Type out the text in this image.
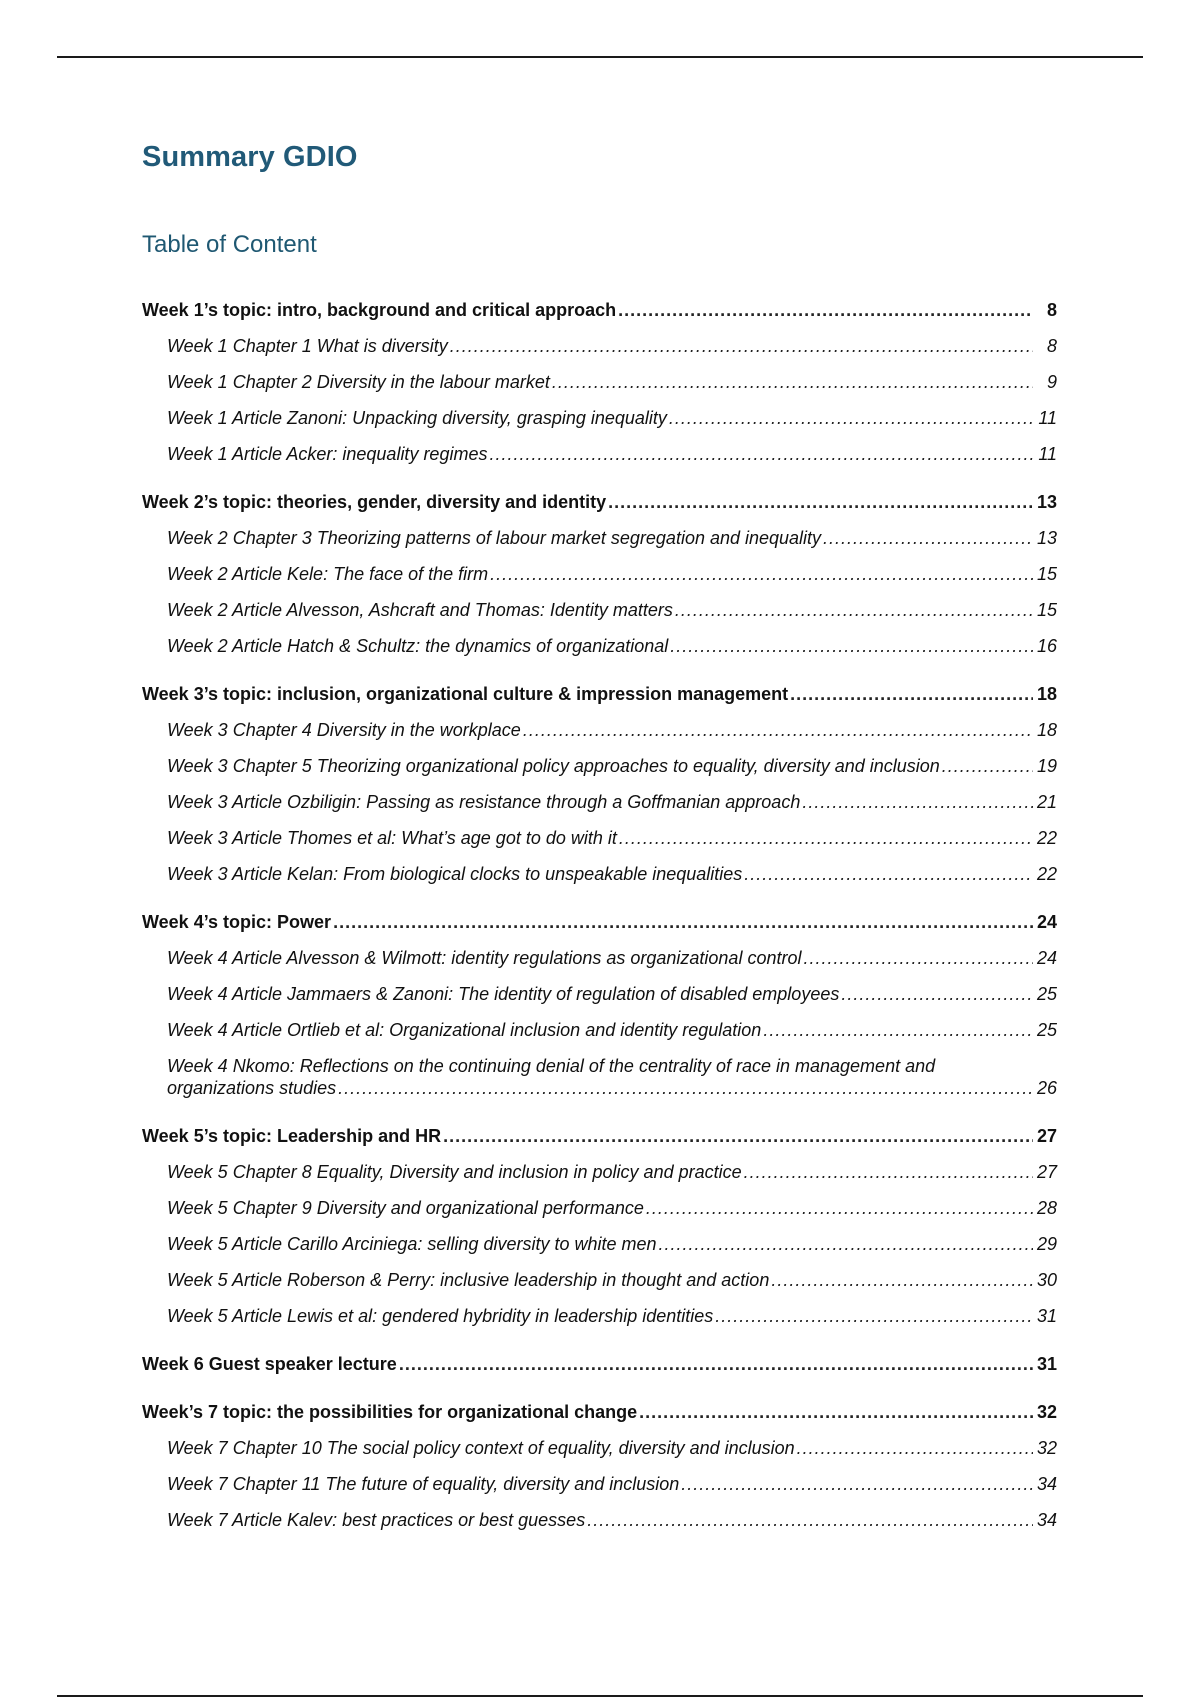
Summary GDIO
Table of Content
Week 1’s topic: intro, background and critical approach .....	8
Week 1 Chapter 1 What is diversity .....	8
Week 1 Chapter 2 Diversity in the labour market .....	9
Week 1 Article Zanoni: Unpacking diversity, grasping inequality .....	11
Week 1 Article Acker: inequality regimes .....	11
Week 2’s topic: theories, gender, diversity and identity .....	13
Week 2 Chapter 3 Theorizing patterns of labour market segregation and inequality .....	13
Week 2 Article Kele: The face of the firm .....	15
Week 2 Article Alvesson, Ashcraft and Thomas: Identity matters .....	15
Week 2 Article Hatch & Schultz: the dynamics of organizational .....	16
Week 3’s topic: inclusion, organizational culture & impression management .....	18
Week 3 Chapter 4 Diversity in the workplace .....	18
Week 3 Chapter 5 Theorizing organizational policy approaches to equality, diversity and inclusion .....	19
Week 3 Article Ozbiligin: Passing as resistance through a Goffmanian approach .....	21
Week 3 Article Thomes et al: What’s age got to do with it .....	22
Week 3 Article Kelan: From biological clocks to unspeakable inequalities .....	22
Week 4’s topic: Power .....	24
Week 4 Article Alvesson & Wilmott: identity regulations as organizational control .....	24
Week 4 Article Jammaers & Zanoni: The identity of regulation of disabled employees .....	25
Week 4 Article Ortlieb et al: Organizational inclusion and identity regulation .....	25
Week 4 Nkomo: Reflections on the continuing denial of the centrality of race in management and
organizations studies .....	26
Week 5’s topic: Leadership and HR .....	27
Week 5 Chapter 8 Equality, Diversity and inclusion in policy and practice .....	27
Week 5 Chapter 9 Diversity and organizational performance .....	28
Week 5 Article Carillo Arciniega: selling diversity to white men .....	29
Week 5 Article Roberson & Perry: inclusive leadership in thought and action .....	30
Week 5 Article Lewis et al: gendered hybridity in leadership identities .....	31
Week 6 Guest speaker lecture .....	31
Week’s 7 topic: the possibilities for organizational change .....	32
Week 7 Chapter 10 The social policy context of equality, diversity and inclusion .....	32
Week 7 Chapter 11 The future of equality, diversity and inclusion .....	34
Week 7 Article Kalev: best practices or best guesses .....	34
